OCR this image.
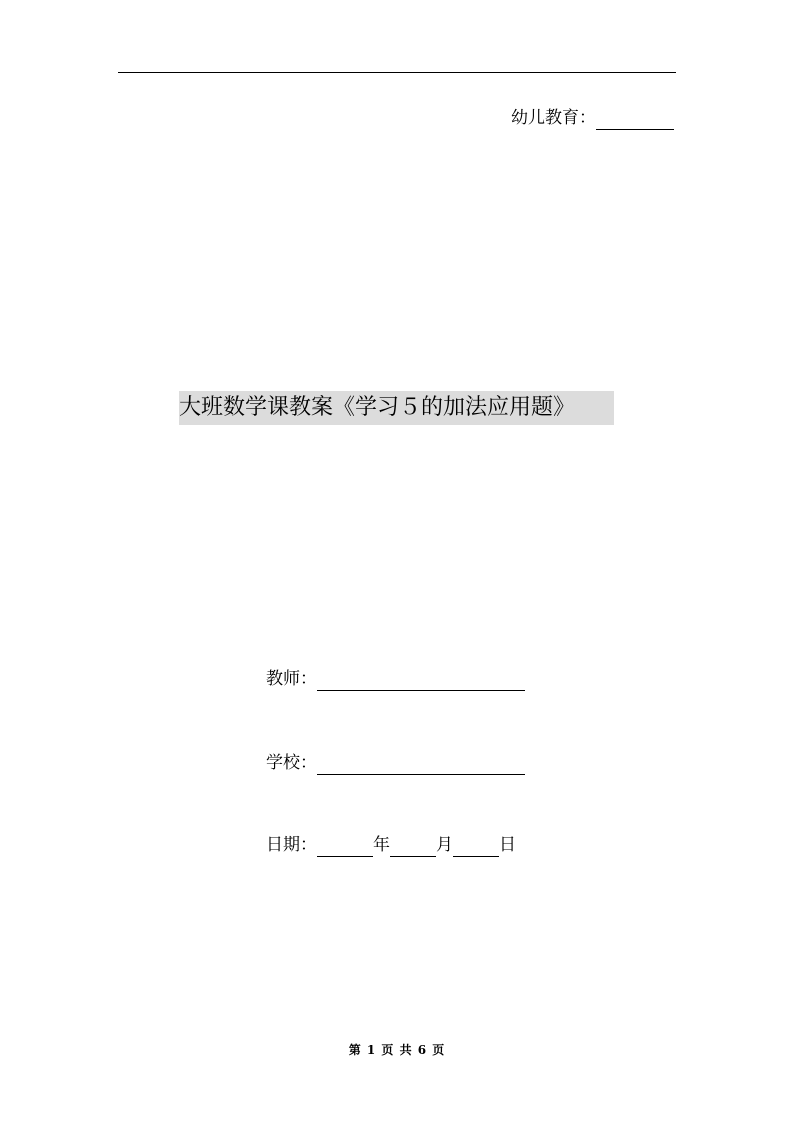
幼儿教育：
大班数学课教案《学习５的加法应用题》
教师：
学校：
日期：	年	月	日
第 1 页 共 6 页
